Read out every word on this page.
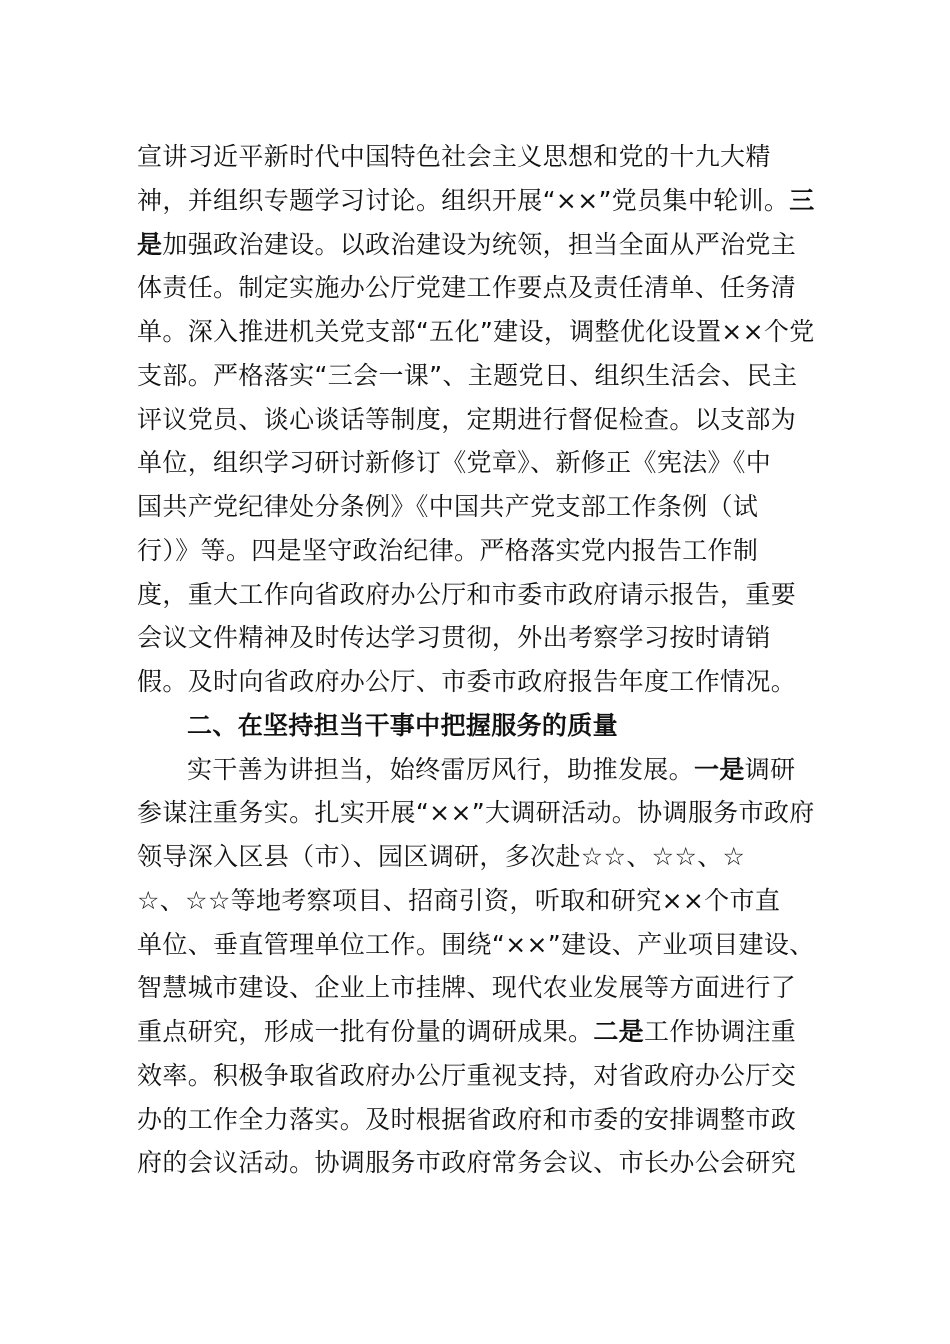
宣讲习近平新时代中国特色社会主义思想和党的十九大精
神，并组织专题学习讨论。组织开展“××”党员集中轮训。三
是加强政治建设。以政治建设为统领，担当全面从严治党主
体责任。制定实施办公厅党建工作要点及责任清单、任务清
单。深入推进机关党支部“五化”建设，调整优化设置××个党
支部。严格落实“三会一课”、主题党日、组织生活会、民主
评议党员、谈心谈话等制度，定期进行督促检查。以支部为
单位，组织学习研讨新修订《党章》、新修正《宪法》《中
国共产党纪律处分条例》《中国共产党支部工作条例（试
行）》等。四是坚守政治纪律。严格落实党内报告工作制
度，重大工作向省政府办公厅和市委市政府请示报告，重要
会议文件精神及时传达学习贯彻，外出考察学习按时请销
假。及时向省政府办公厅、市委市政府报告年度工作情况。
二、在坚持担当干事中把握服务的质量
实干善为讲担当，始终雷厉风行，助推发展。一是调研
参谋注重务实。扎实开展“××”大调研活动。协调服务市政府
领导深入区县（市）、园区调研，多次赴☆☆、☆☆、☆
☆、☆☆等地考察项目、招商引资，听取和研究××个市直
单位、垂直管理单位工作。围绕“××”建设、产业项目建设、
智慧城市建设、企业上市挂牌、现代农业发展等方面进行了
重点研究，形成一批有份量的调研成果。二是工作协调注重
效率。积极争取省政府办公厅重视支持，对省政府办公厅交
办的工作全力落实。及时根据省政府和市委的安排调整市政
府的会议活动。协调服务市政府常务会议、市长办公会研究
